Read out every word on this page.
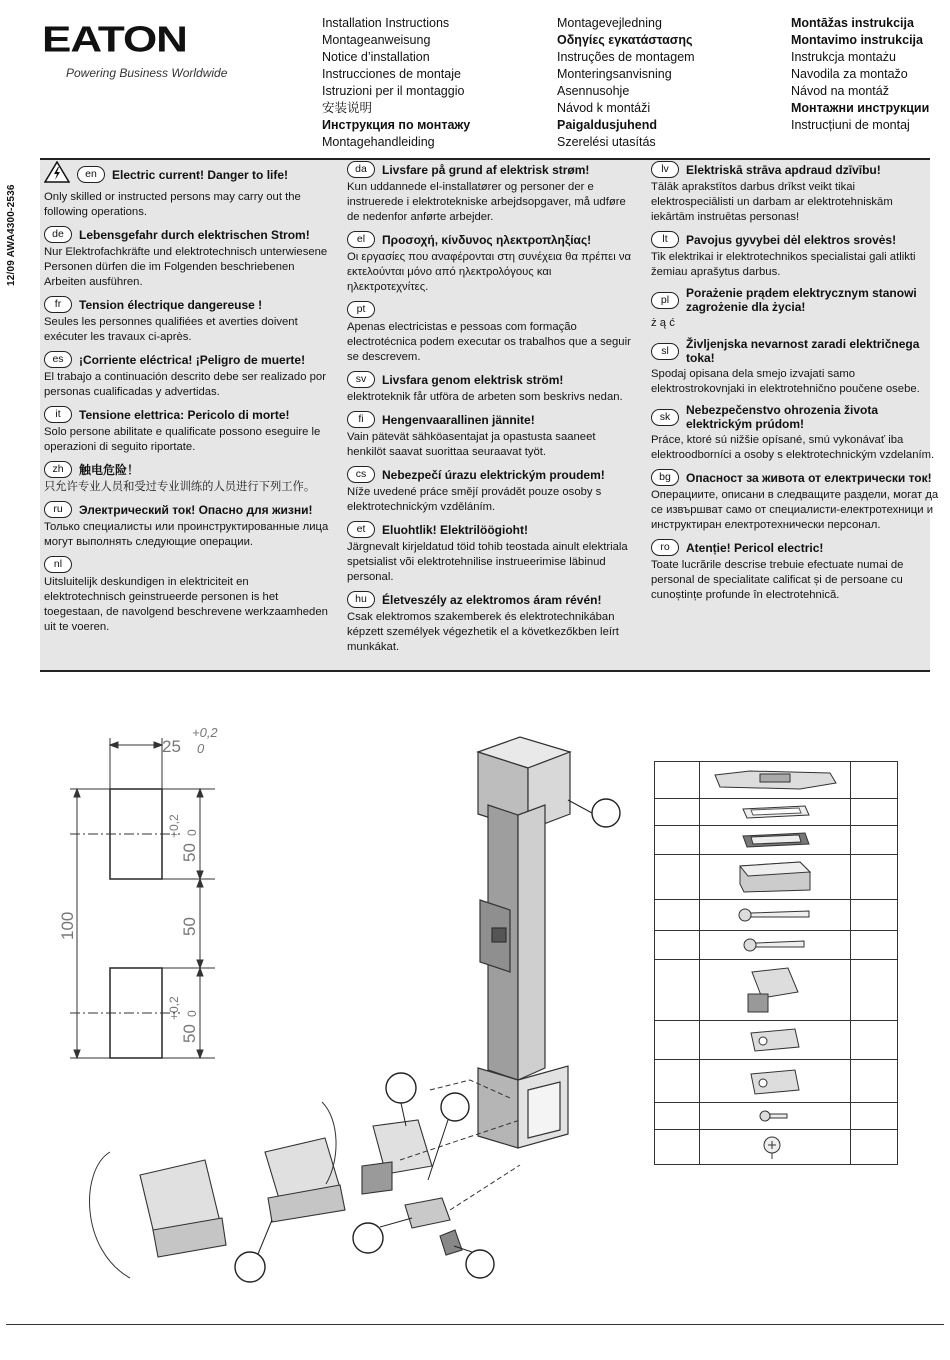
EATON
Powering Business Worldwide
Installation Instructions
Montageanweisung
Notice d’installation
Instrucciones de montaje
Istruzioni per il montaggio
安装说明
Инструкция по монтажу
Montagehandleiding
Montagevejledning
Οδηγίες εγκατάστασης
Instruções de montagem
Monteringsanvisning
Asennusohje
Návod k montáži
Paigaldusjuhend
Szerelési utasítás
Montāžas instrukcija
Montavimo instrukcija
Instrukcja montażu
Navodila za montažo
Návod na montáž
Монтажни инструкции
Instrucțiuni de montaj
12/09 AWA4300-2536
en	Electric current! Danger to life!
Only skilled or instructed persons may carry out the following operations.
de	Lebensgefahr durch elektrischen Strom!
Nur Elektrofachkräfte und elektrotechnisch unterwiesene Personen dürfen die im Folgenden beschriebenen Arbeiten ausführen.
fr	Tension électrique dangereuse !
Seules les personnes qualifiées et averties doivent exécuter les travaux ci-après.
es	¡Corriente eléctrica! ¡Peligro de muerte!
El trabajo a continuación descrito debe ser realizado por personas cualificadas y advertidas.
it	Tensione elettrica: Pericolo di morte!
Solo persone abilitate e qualificate possono eseguire le operazioni di seguito riportate.
zh	触电危险！
只允许专业人员和受过专业训练的人员进行下列工作。
ru	Электрический ток! Опасно для жизни!
Только специалисты или проинструктированные лица могут выполнять следующие операции.
nl
Uitsluitelijk deskundigen in elektriciteit en elektrotechnisch geinstrueerde personen is het toegestaan, de navolgend beschrevene werkzaamheden uit te voeren.
da	Livsfare på grund af elektrisk strøm!
Kun uddannede el-installatører og personer der e instruerede i elektrotekniske arbejdsopgaver, må udføre de nedenfor anførte arbejder.
el	Προσοχή, κίνδυνος ηλεκτροπληξίας!
Οι εργασίες που αναφέρονται στη συνέχεια θα πρέπει να εκτελούνται μόνο από ηλεκτρολόγους και ηλεκτροτεχνίτες.
pt
Apenas electricistas e pessoas com formação electrotécnica podem executar os trabalhos que a seguir se descrevem.
sv	Livsfara genom elektrisk ström!
elektroteknik får utföra de arbeten som beskrivs nedan.
fi	Hengenvaarallinen jännite!
Vain pätevät sähköasentajat ja opastusta saaneet henkilöt saavat suorittaa seuraavat työt.
cs	Nebezpečí úrazu elektrickým proudem!
Níže uvedené práce smějí provádět pouze osoby s elektrotechnickým vzděláním.
et	Eluohtlik! Elektrilöögioht!
Järgnevalt kirjeldatud töid tohib teostada ainult elektriala spetsialist või elektrotehnilise instrueerimise läbinud personal.
hu	Életveszély az elektromos áram révén!
Csak elektromos szakemberek és elektrotechnikában képzett személyek végezhetik el a következőkben leírt munkákat.
lv	Elektriskā strāva apdraud dzīvību!
Tālāk aprakstītos darbus drīkst veikt tikai elektrospeciālisti un darbam ar elektrotehniskām iekārtām instruētas personas!
lt	Pavojus gyvybei dėl elektros srovės!
Tik elektrikai ir elektrotechnikos specialistai gali atlikti žemiau aprašytus darbus.
pl	Porażenie prądem elektrycznym stanowi zagrożenie dla życia!
ż ą ć
sl	Življenjska nevarnost zaradi električnega toka!
Spodaj opisana dela smejo izvajati samo elektrostrokovnjaki in elektrotehnično poučene osebe.
sk	Nebezpečenstvo ohrozenia života elektrickým prúdom!
Práce, ktoré sú nižšie opísané, smú vykonávať iba elektroodborníci a osoby s elektrotechnickým vzdelaním.
bg	Опасност за живота от електрически ток!
Операциите, описани в следващите раздели, могат да се извършват само от специалисти-електротехници и инструктиран електротехнически персонал.
ro	Atenție! Pericol electric!
Toate lucrările descrise trebuie efectuate numai de personal de specialitate calificat și de persoane cu cunoștințe profunde în electrotehnică.
25
+0,2
0
100
50
+0,2 0
50
50
+0,2 0
